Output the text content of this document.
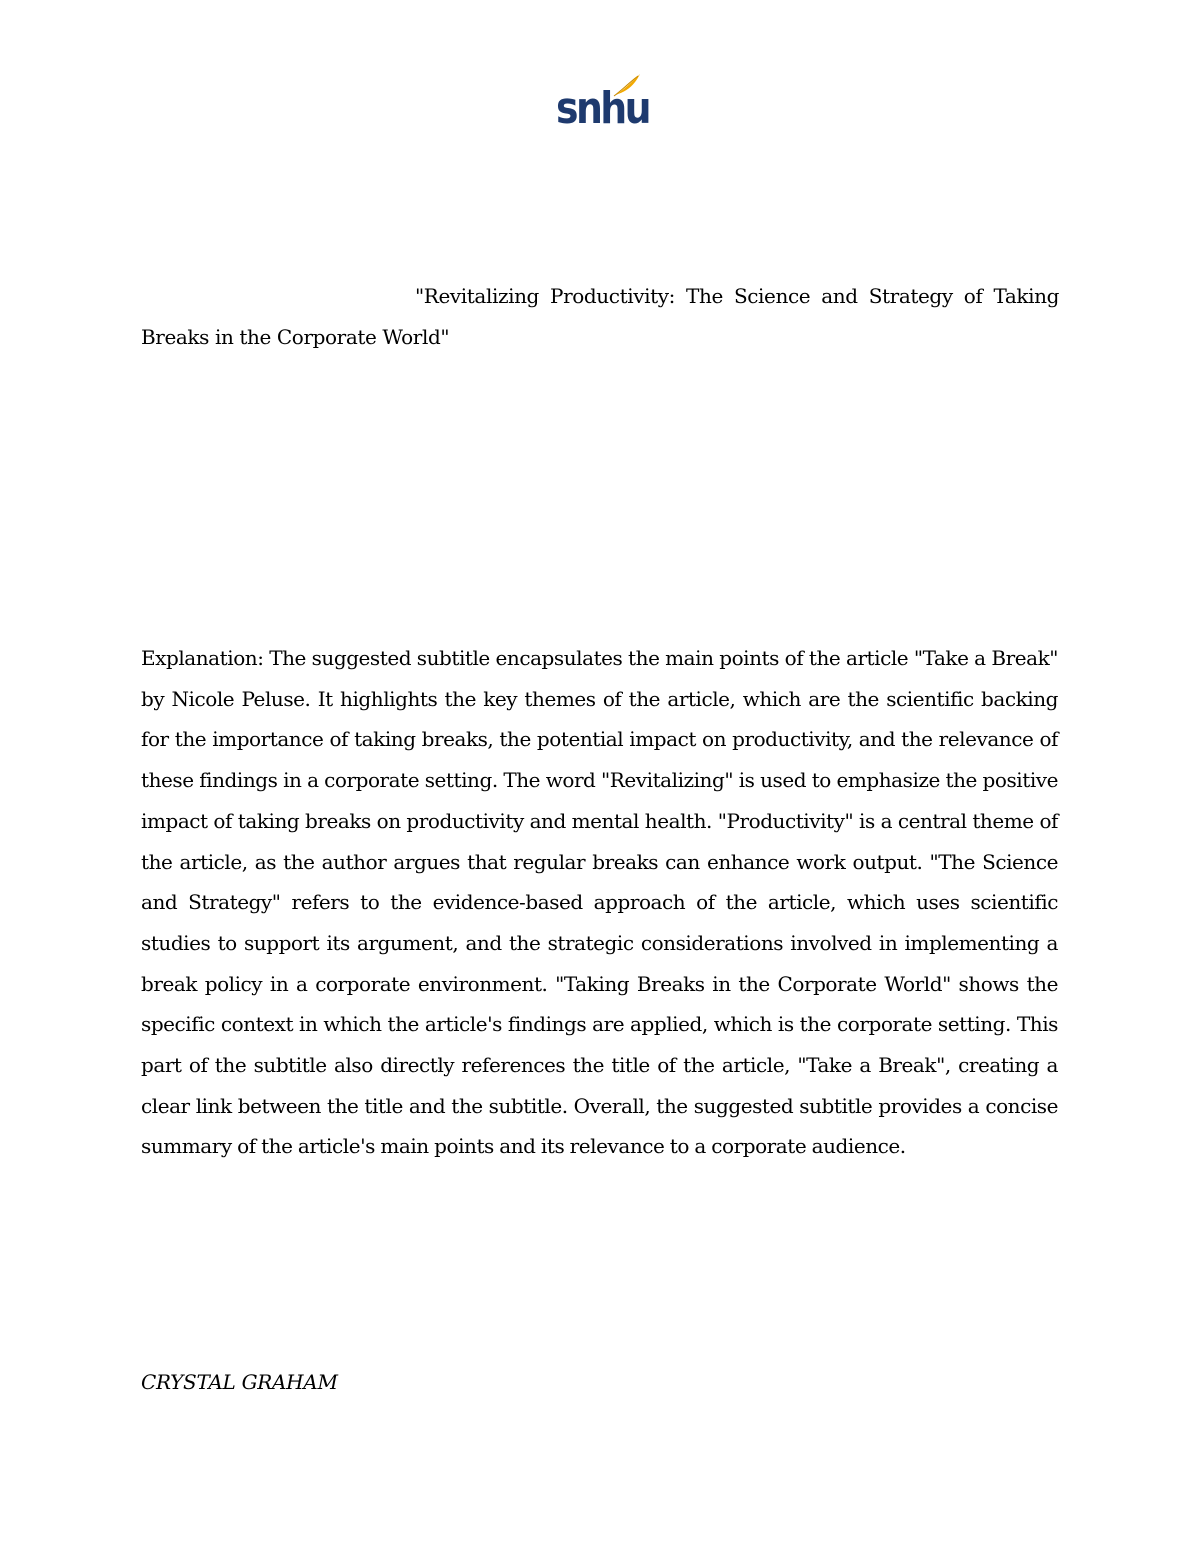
snhu
"Revitalizing Productivity: The Science and Strategy of Taking Breaks in the Corporate World"
Explanation: The suggested subtitle encapsulates the main points of the article "Take a Break" by Nicole Peluse. It highlights the key themes of the article, which are the scientific backing for the importance of taking breaks, the potential impact on productivity, and the relevance of these findings in a corporate setting. The word "Revitalizing" is used to emphasize the positive impact of taking breaks on productivity and mental health. "Productivity" is a central theme of the article, as the author argues that regular breaks can enhance work output. "The Science and Strategy" refers to the evidence-based approach of the article, which uses scientific studies to support its argument, and the strategic considerations involved in implementing a break policy in a corporate environment. "Taking Breaks in the Corporate World" shows the specific context in which the article's findings are applied, which is the corporate setting. This part of the subtitle also directly references the title of the article, "Take a Break", creating a clear link between the title and the subtitle. Overall, the suggested subtitle provides a concise summary of the article's main points and its relevance to a corporate audience.
CRYSTAL GRAHAM
